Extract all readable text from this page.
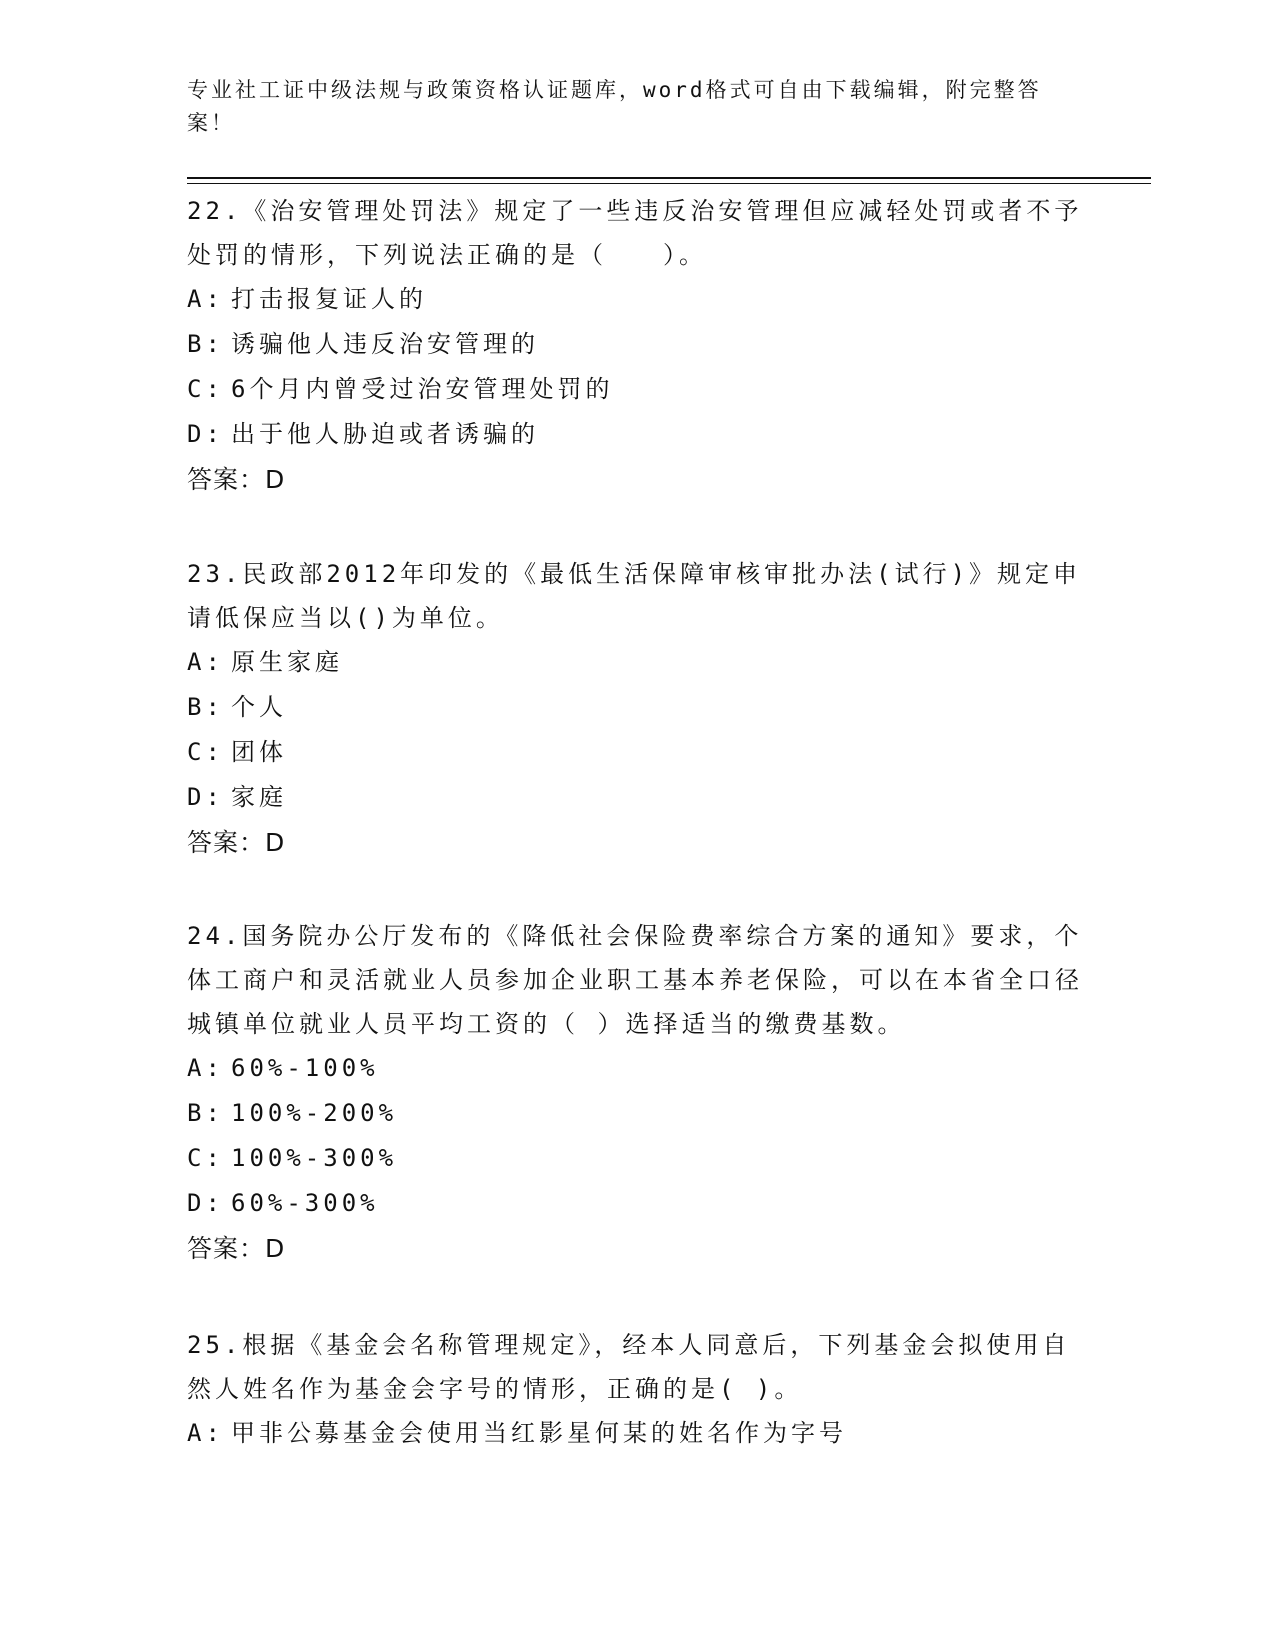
专业社工证中级法规与政策资格认证题库，word格式可自由下载编辑，附完整答案！
22.《治安管理处罚法》规定了一些违反治安管理但应减轻处罚或者不予处罚的情形，下列说法正确的是（　　）。
A: 打击报复证人的
B: 诱骗他人违反治安管理的
C: 6个月内曾受过治安管理处罚的
D: 出于他人胁迫或者诱骗的
答案：D
23.民政部2012年印发的《最低生活保障审核审批办法(试行)》规定申请低保应当以()为单位。
A: 原生家庭
B: 个人
C: 团体
D: 家庭
答案：D
24.国务院办公厅发布的《降低社会保险费率综合方案的通知》要求，个体工商户和灵活就业人员参加企业职工基本养老保险，可以在本省全口径城镇单位就业人员平均工资的（ ）选择适当的缴费基数。
A: 60%-100%
B: 100%-200%
C: 100%-300%
D: 60%-300%
答案：D
25.根据《基金会名称管理规定》，经本人同意后，下列基金会拟使用自然人姓名作为基金会字号的情形，正确的是( )。
A: 甲非公募基金会使用当红影星何某的姓名作为字号
